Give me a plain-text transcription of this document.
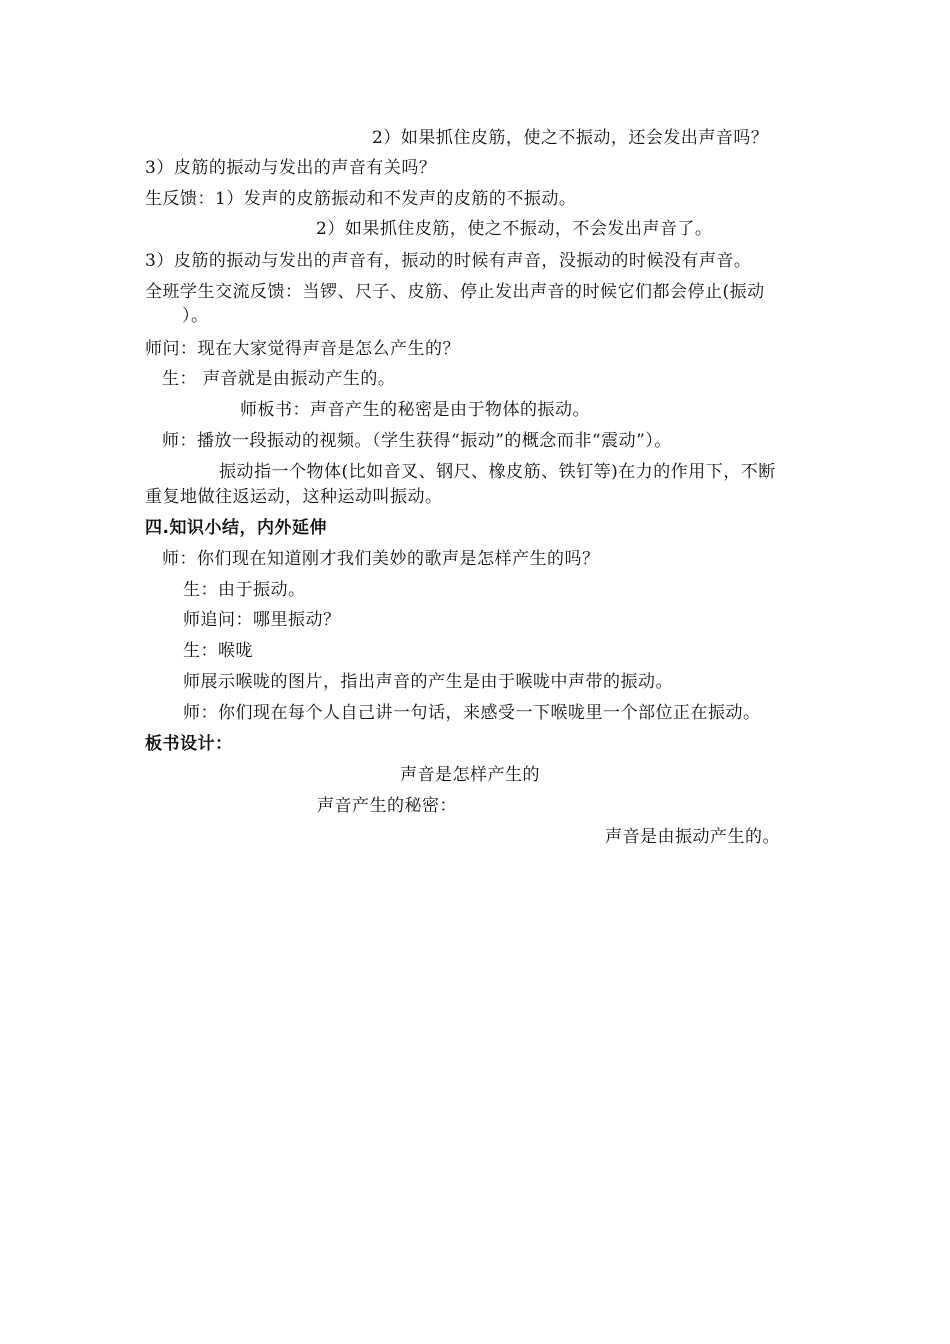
2）如果抓住皮筋，使之不振动，还会发出声音吗？
3）皮筋的振动与发出的声音有关吗？
生反馈：1）发声的皮筋振动和不发声的皮筋的不振动。
2）如果抓住皮筋，使之不振动，不会发出声音了。
3）皮筋的振动与发出的声音有，振动的时候有声音，没振动的时候没有声音。
全班学生交流反馈：当锣、尺子、皮筋、停止发出声音的时候它们都会停止(振动
）。
师问：现在大家觉得声音是怎么产生的？
生： 声音就是由振动产生的。
师板书：声音产生的秘密是由于物体的振动。
师：播放一段振动的视频。（学生获得“振动”的概念而非“震动”）。
振动指一个物体(比如音叉、钢尺、橡皮筋、铁钉等)在力的作用下，不断
重复地做往返运动，这种运动叫振动。
四.知识小结，内外延伸
师：你们现在知道刚才我们美妙的歌声是怎样产生的吗？
生：由于振动。
师追问：哪里振动？
生：喉咙
师展示喉咙的图片，指出声音的产生是由于喉咙中声带的振动。
师：你们现在每个人自己讲一句话，来感受一下喉咙里一个部位正在振动。
板书设计：
声音是怎样产生的
声音产生的秘密：
声音是由振动产生的。
